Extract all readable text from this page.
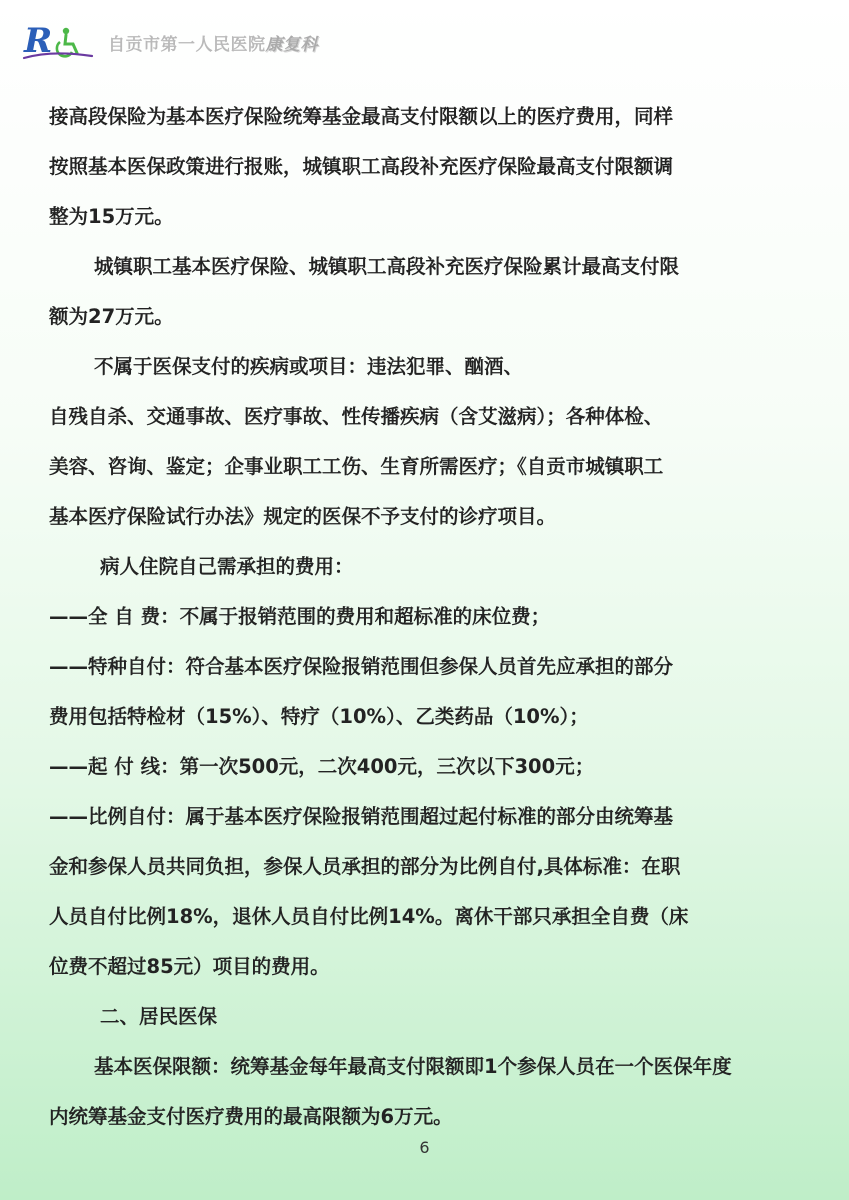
R	自贡市第一人民医院康复科
接高段保险为基本医疗保险统筹基金最高支付限额以上的医疗费用，同样
按照基本医保政策进行报账，城镇职工高段补充医疗保险最高支付限额调
整为15万元。
城镇职工基本医疗保险、城镇职工高段补充医疗保险累计最高支付限
额为27万元。
不属于医保支付的疾病或项目：违法犯罪、酗酒、
自残自杀、交通事故、医疗事故、性传播疾病（含艾滋病）；各种体检、
美容、咨询、鉴定；企事业职工工伤、生育所需医疗；《自贡市城镇职工
基本医疗保险试行办法》规定的医保不予支付的诊疗项目。
病人住院自己需承担的费用：
——全 自 费：不属于报销范围的费用和超标准的床位费；
——特种自付：符合基本医疗保险报销范围但参保人员首先应承担的部分
费用包括特检材（15%）、特疗（10%）、乙类药品（10%）；
——起 付 线：第一次500元，二次400元，三次以下300元；
——比例自付：属于基本医疗保险报销范围超过起付标准的部分由统筹基
金和参保人员共同负担，参保人员承担的部分为比例自付,具体标准：在职
人员自付比例18%，退休人员自付比例14%。离休干部只承担全自费（床
位费不超过85元）项目的费用。
二、居民医保
基本医保限额：统筹基金每年最高支付限额即1个参保人员在一个医保年度
内统筹基金支付医疗费用的最高限额为6万元。
6
